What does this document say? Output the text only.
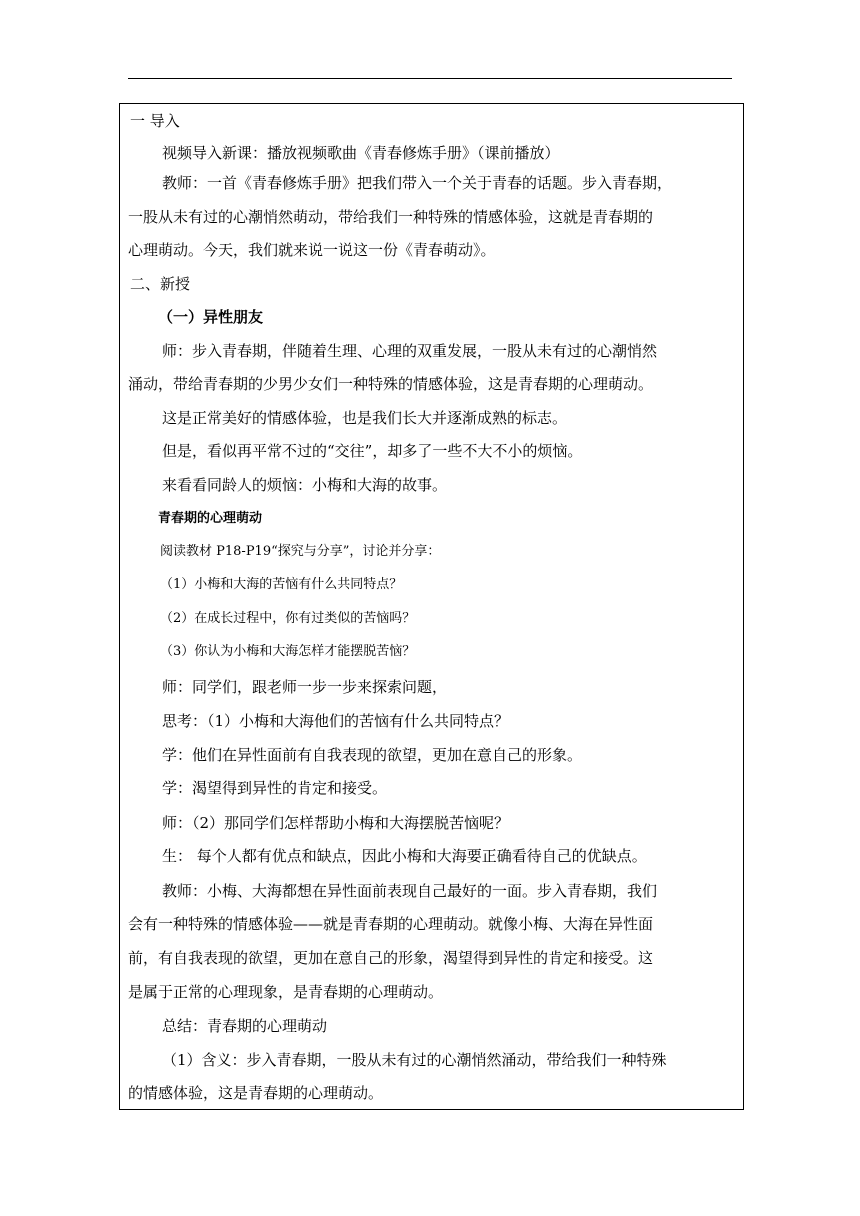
一 导入
视频导入新课：播放视频歌曲《青春修炼手册》（课前播放）
教师：一首《青春修炼手册》把我们带入一个关于青春的话题。步入青春期，
一股从未有过的心潮悄然萌动，带给我们一种特殊的情感体验，这就是青春期的
心理萌动。今天，我们就来说一说这一份《青春萌动》。
二、新授
（一）异性朋友
师：步入青春期，伴随着生理、心理的双重发展，一股从未有过的心潮悄然
涌动，带给青春期的少男少女们一种特殊的情感体验，这是青春期的心理萌动。
这是正常美好的情感体验，也是我们长大并逐渐成熟的标志。
但是，看似再平常不过的“交往”，却多了一些不大不小的烦恼。
来看看同龄人的烦恼：小梅和大海的故事。
青春期的心理萌动
阅读教材 P18-P19“探究与分享”，讨论并分享：
（1）小梅和大海的苦恼有什么共同特点？
（2）在成长过程中，你有过类似的苦恼吗？
（3）你认为小梅和大海怎样才能摆脱苦恼？
师：同学们，跟老师一步一步来探索问题，
思考：（1）小梅和大海他们的苦恼有什么共同特点？
学：他们在异性面前有自我表现的欲望，更加在意自己的形象。
学：渴望得到异性的肯定和接受。
师：（2）那同学们怎样帮助小梅和大海摆脱苦恼呢？
生： 每个人都有优点和缺点，因此小梅和大海要正确看待自己的优缺点。
教师：小梅、大海都想在异性面前表现自己最好的一面。步入青春期，我们
会有一种特殊的情感体验——就是青春期的心理萌动。就像小梅、大海在异性面
前，有自我表现的欲望，更加在意自己的形象，渴望得到异性的肯定和接受。这
是属于正常的心理现象，是青春期的心理萌动。
总结：青春期的心理萌动
（1）含义：步入青春期，一股从未有过的心潮悄然涌动，带给我们一种特殊
的情感体验，这是青春期的心理萌动。
